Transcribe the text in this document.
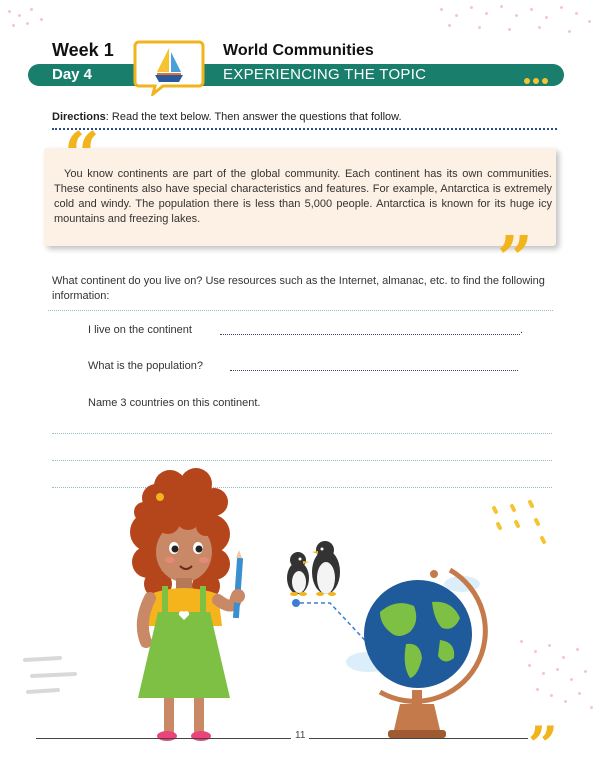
Week 1	World Communities
Day 4	EXPERIENCING THE TOPIC
Directions: Read the text below. Then answer the questions that follow.
“
You know continents are part of the global community. Each continent has its own communities. These continents also have special characteristics and features. For example, Antarctica is extremely cold and windy. The population there is less than 5,000 people. Antarctica is known for its huge icy mountains and freezing lakes.
”
What continent do you live on? Use resources such as the Internet, almanac, etc. to find the following information:
I live on the continent	.
What is the population?
Name 3 countries on this continent.
11	”
